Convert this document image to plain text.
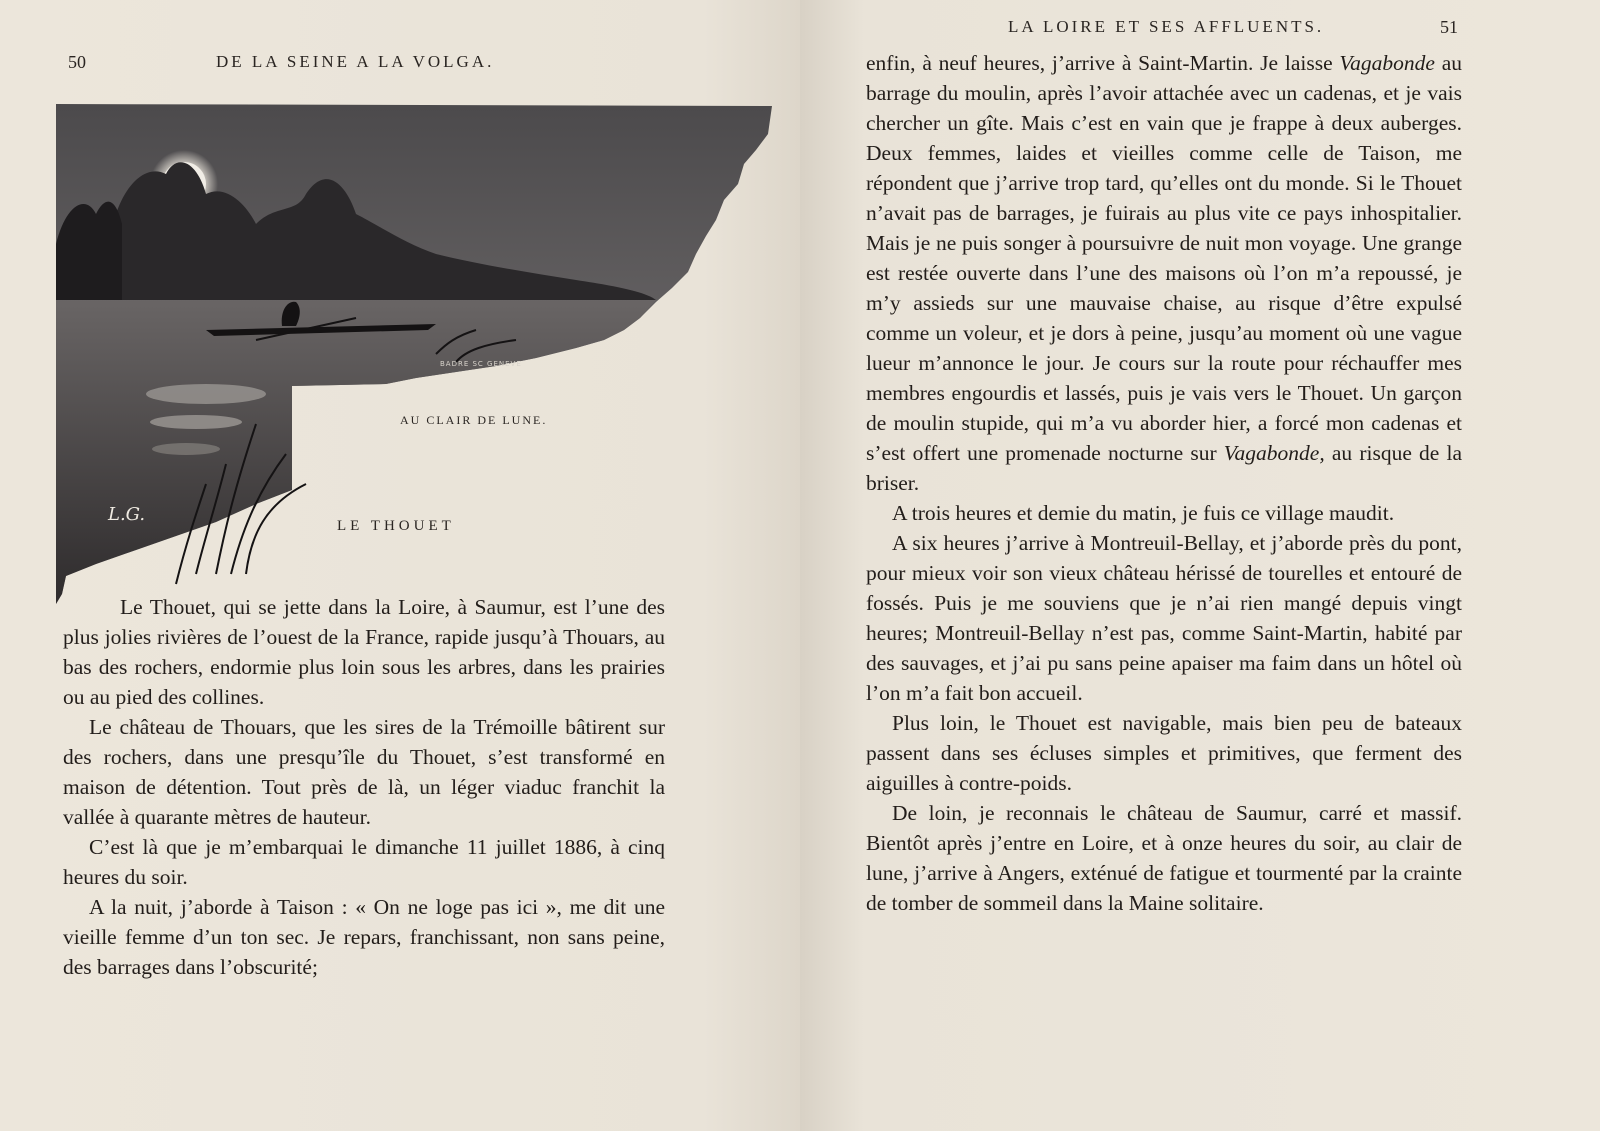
50	DE LA SEINE A LA VOLGA.
BADRE SC GENEVE
L.G.
AU CLAIR DE LUNE.
LE THOUET

Le Thouet, qui se jette dans la Loire, à Saumur, est l’une des plus jolies rivières de l’ouest de la France, rapide jusqu’à Thouars, au bas des rochers, endormie plus loin sous les arbres, dans les prairies ou au pied des collines.

Le château de Thouars, que les sires de la Trémoille bâtirent sur des rochers, dans une presqu’île du Thouet, s’est transformé en maison de détention. Tout près de là, un léger viaduc franchit la vallée à quarante mètres de hauteur.

C’est là que je m’embarquai le dimanche 11 juillet 1886, à cinq heures du soir.

A la nuit, j’aborde à Taison : « On ne loge pas ici », me dit une vieille femme d’un ton sec. Je repars, franchissant, non sans peine, des barrages dans l’obscurité;

LA LOIRE ET SES AFFLUENTS.	51

enfin, à neuf heures, j’arrive à Saint-Martin. Je laisse Vagabonde au barrage du moulin, après l’avoir attachée avec un cadenas, et je vais chercher un gîte. Mais c’est en vain que je frappe à deux auberges. Deux femmes, laides et vieilles comme celle de Taison, me répondent que j’arrive trop tard, qu’elles ont du monde. Si le Thouet n’avait pas de barrages, je fuirais au plus vite ce pays inhospitalier. Mais je ne puis songer à poursuivre de nuit mon voyage. Une grange est restée ouverte dans l’une des maisons où l’on m’a repoussé, je m’y assieds sur une mauvaise chaise, au risque d’être expulsé comme un voleur, et je dors à peine, jusqu’au moment où une vague lueur m’annonce le jour. Je cours sur la route pour réchauffer mes membres engourdis et lassés, puis je vais vers le Thouet. Un garçon de moulin stupide, qui m’a vu aborder hier, a forcé mon cadenas et s’est offert une promenade nocturne sur Vagabonde, au risque de la briser.

A trois heures et demie du matin, je fuis ce village maudit.

A six heures j’arrive à Montreuil-Bellay, et j’aborde près du pont, pour mieux voir son vieux château hérissé de tourelles et entouré de fossés. Puis je me souviens que je n’ai rien mangé depuis vingt heures; Montreuil-Bellay n’est pas, comme Saint-Martin, habité par des sauvages, et j’ai pu sans peine apaiser ma faim dans un hôtel où l’on m’a fait bon accueil.

Plus loin, le Thouet est navigable, mais bien peu de bateaux passent dans ses écluses simples et primitives, que ferment des aiguilles à contre-poids.

De loin, je reconnais le château de Saumur, carré et massif. Bientôt après j’entre en Loire, et à onze heures du soir, au clair de lune, j’arrive à Angers, exténué de fatigue et tourmenté par la crainte de tomber de sommeil dans la Maine solitaire.
